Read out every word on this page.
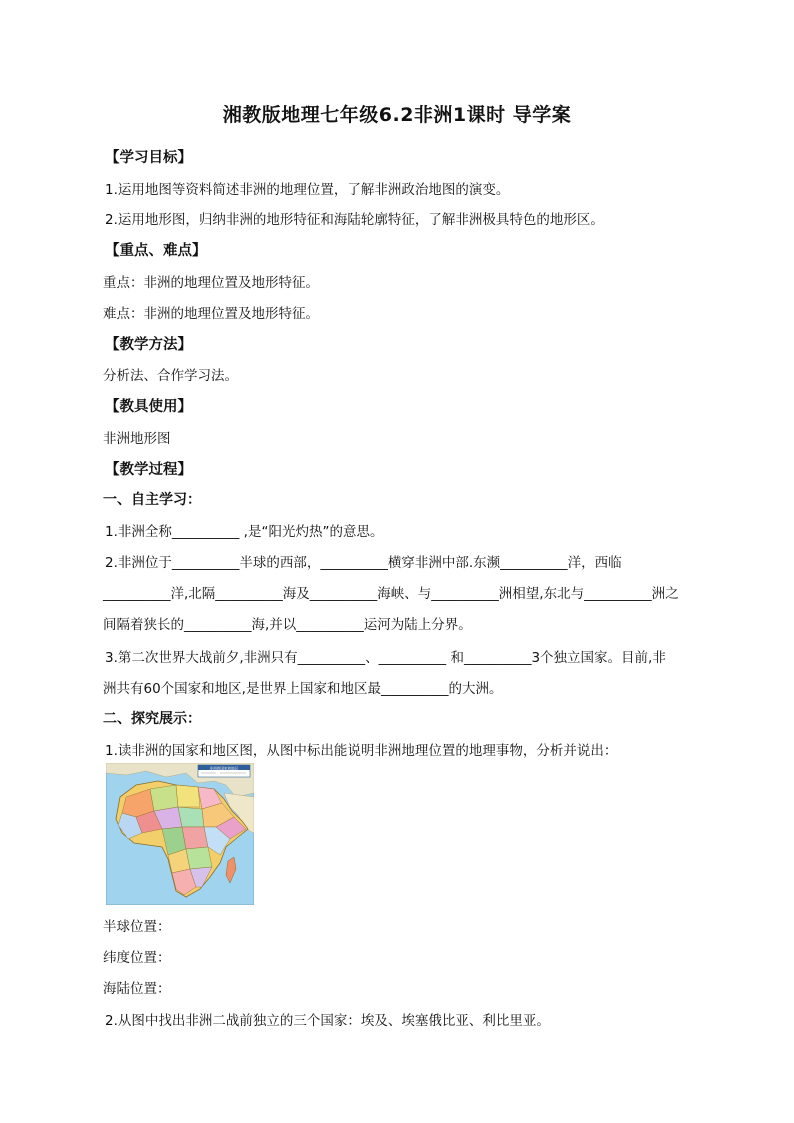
湘教版地理七年级6.2非洲1课时 导学案
【学习目标】
1.运用地图等资料简述非洲的地理位置，了解非洲政治地图的演变。
2.运用地形图，归纳非洲的地形特征和海陆轮廓特征，了解非洲极具特色的地形区。
【重点、难点】
重点：非洲的地理位置及地形特征。
难点：非洲的地理位置及地形特征。
【教学方法】
分析法、合作学习法。
【教具使用】
非洲地形图
【教学过程】
一、自主学习：
1.非洲全称__________ ,是“阳光灼热”的意思。
2.非洲位于__________半球的西部，__________横穿非洲中部.东濒__________洋，西临
__________洋,北隔__________海及__________海峡、与__________洲相望,东北与__________洲之
间隔着狭长的__________海,并以__________运河为陆上分界。
3.第二次世界大战前夕,非洲只有__________、__________ 和__________3个独立国家。目前,非
洲共有60个国家和地区,是世界上国家和地区最__________的大洲。
二、探究展示：
1.读非洲的国家和地区图，从图中标出能说明非洲地理位置的地理事物，分析并说出：
非洲的国家和地区
半球位置：
纬度位置：
海陆位置：
2.从图中找出非洲二战前独立的三个国家：埃及、埃塞俄比亚、利比里亚。
